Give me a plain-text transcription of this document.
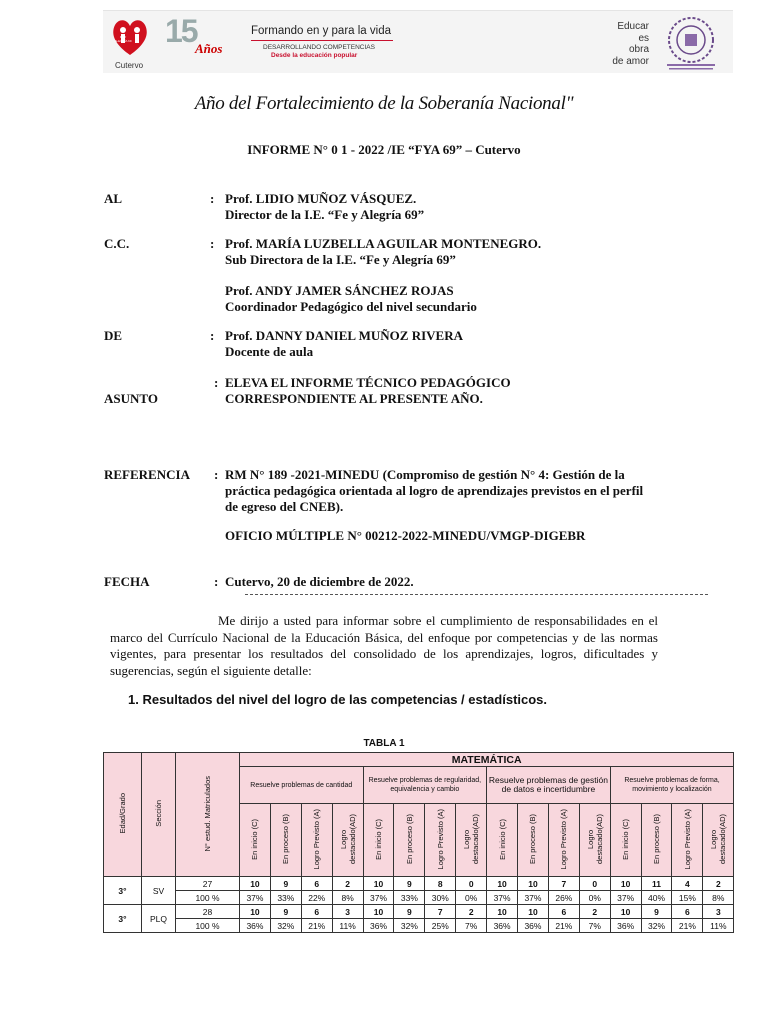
Cutervo
FE Y ALEGRÍA 69 15
Años
Formando en y para la vida
DESARROLLANDO COMPETENCIAS
Desde la educación popular
Educar
es
obra
de amor
Año del Fortalecimiento de la Soberanía Nacional"
INFORME N° 0 1 - 2022 /IE “FYA 69” – Cutervo
AL	: Prof. LIDIO MUÑOZ VÁSQUEZ.
Director de la I.E. “Fe y Alegría 69”
C.C.	: Prof. MARÍA LUZBELLA AGUILAR MONTENEGRO.
Sub Directora de la I.E. “Fe y Alegría 69”
Prof. ANDY JAMER SÁNCHEZ ROJAS
Coordinador Pedagógico del nivel secundario
DE	: Prof. DANNY DANIEL MUÑOZ RIVERA
Docente de aula
:
ASUNTO
ELEVA EL INFORME TÉCNICO PEDAGÓGICO
CORRESPONDIENTE AL PRESENTE AÑO.
REFERENCIA : RM N° 189 -2021-MINEDU (Compromiso de gestión N° 4: Gestión de la
práctica pedagógica orientada al logro de aprendizajes previstos en el perfil
de egreso del CNEB).
OFICIO MÚLTIPLE N° 00212-2022-MINEDU/VMGP-DIGEBR
FECHA	: Cutervo, 20 de diciembre de 2022.
Me dirijo a usted para informar sobre el cumplimiento de responsabilidades en el marco del Currículo Nacional de la Educación Básica, del enfoque por competencias y de las normas vigentes, para presentar los resultados del consolidado de los aprendizajes, logros, dificultades y sugerencias, según el siguiente detalle:
1. Resultados del nivel del logro de las competencias / estadísticos.
TABLA 1
Edad/Grado	Sección	N° estud. Matriculados	MATEMÁTICA															
			Resuelve problemas de cantidad				Resuelve problemas de regularidad, equivalencia y cambio				Resuelve problemas de gestión de datos e incertidumbre				Resuelve problemas de forma, movimiento y localización			
			En inicio (C)	En proceso (B)	Logro Previsto (A)	Logro destacado(AD)	En inicio (C)	En proceso (B)	Logro Previsto (A)	Logro destacado(AD)	En inicio (C)	En proceso (B)	Logro Previsto (A)	Logro destacado(AD)	En inicio (C)	En proceso (B)	Logro Previsto (A)	Logro destacado(AD)
3°	SV	27	10	9	6	2	10	9	8	0	10	10	7	0	10	11	4	2
		100 %	37%	33%	22%	8%	37%	33%	30%	0%	37%	37%	26%	0%	37%	40%	15%	8%
3°	PLQ	28	10	9	6	3	10	9	7	2	10	10	6	2	10	9	6	3
		100 %	36%	32%	21%	11%	36%	32%	25%	7%	36%	36%	21%	7%	36%	32%	21%	11%
